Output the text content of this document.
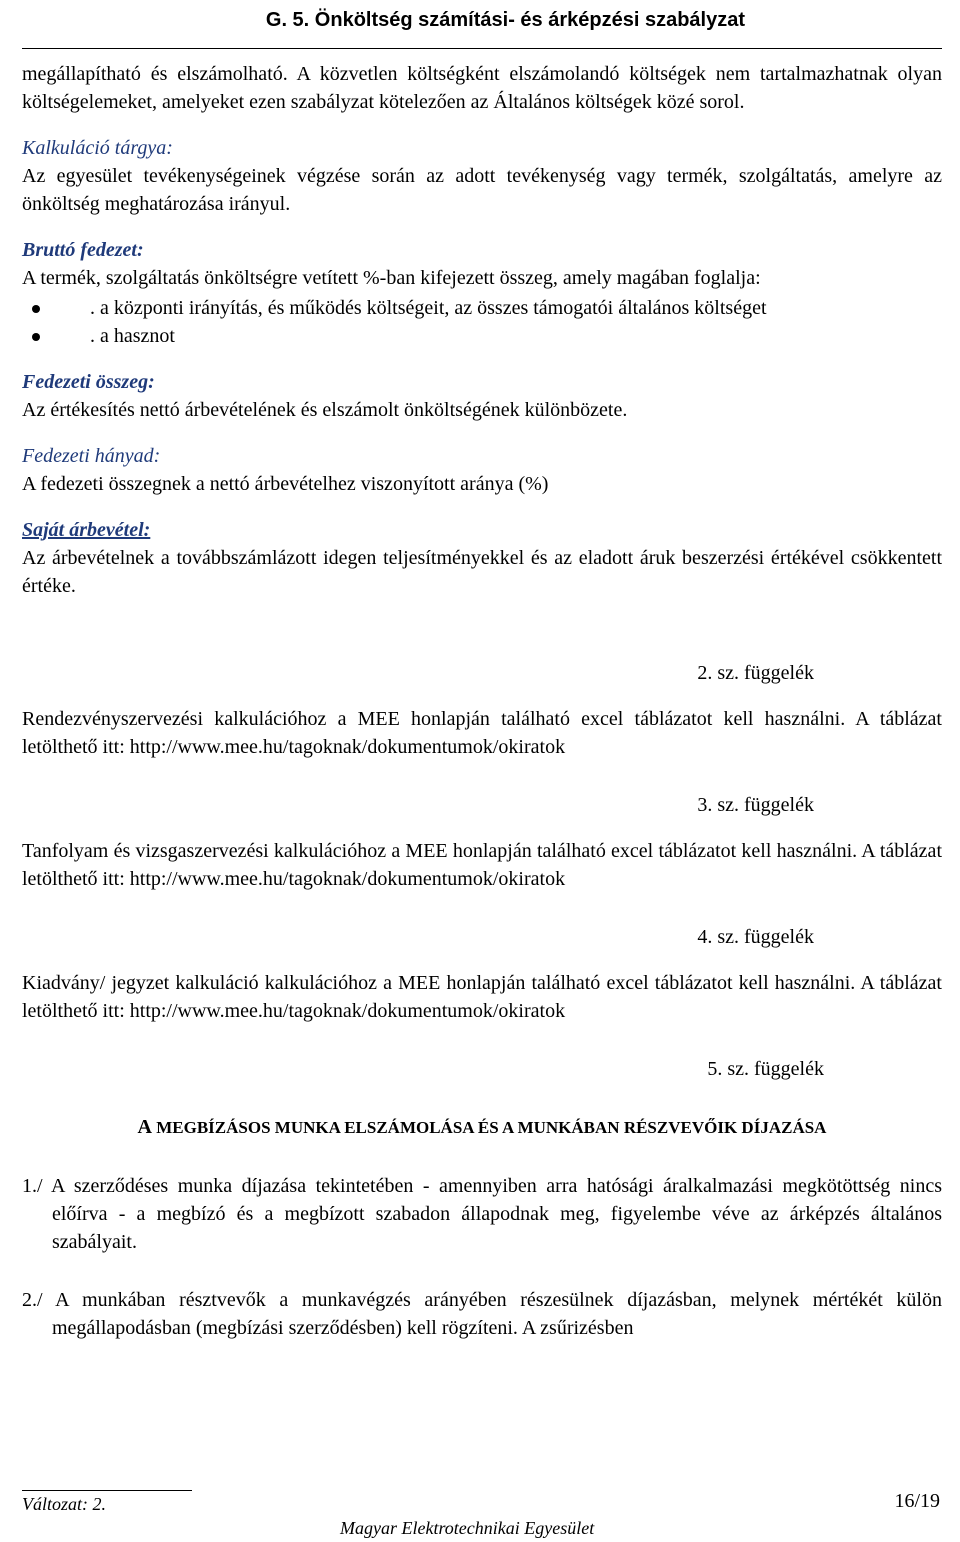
G. 5. Önköltség számítási- és árképzési szabályzat

megállapítható és elszámolható. A közvetlen költségként elszámolandó költségek nem tartalmazhatnak olyan költségelemeket, amelyeket ezen szabályzat kötelezően az Általános költségek közé sorol.

Kalkuláció tárgya:

Az egyesület tevékenységeinek végzése során az adott tevékenység vagy termék, szolgáltatás, amelyre az önköltség meghatározása irányul.

Bruttó fedezet:

A termék, szolgáltatás önköltségre vetített %-ban kifejezett összeg, amely magában foglalja:

. a központi irányítás, és működés költségeit, az összes támogatói általános költséget
. a hasznot
Fedezeti összeg:

Az értékesítés nettó árbevételének és elszámolt önköltségének különbözete.

Fedezeti hányad:

A fedezeti összegnek a nettó árbevételhez viszonyított aránya (%)

Saját árbevétel:

Az árbevételnek a továbbszámlázott idegen teljesítményekkel és az eladott áruk beszerzési értékével csökkentett értéke.

2. sz. függelék

Rendezvényszervezési kalkulációhoz a MEE honlapján található excel táblázatot kell használni. A táblázat letölthető itt: http://www.mee.hu/tagoknak/dokumentumok/okiratok

3. sz. függelék

Tanfolyam és vizsgaszervezési kalkulációhoz a MEE honlapján található excel táblázatot kell használni. A táblázat letölthető itt: http://www.mee.hu/tagoknak/dokumentumok/okiratok

4. sz. függelék

Kiadvány/ jegyzet kalkuláció kalkulációhoz a MEE honlapján található excel táblázatot kell használni. A táblázat letölthető itt: http://www.mee.hu/tagoknak/dokumentumok/okiratok

5. sz. függelék
A MEGBÍZÁSOS MUNKA ELSZÁMOLÁSA ÉS A MUNKÁBAN RÉSZVEVŐIK DÍJAZÁSA

1./ A szerződéses munka díjazása tekintetében - amennyiben arra hatósági áralkalmazási megkötöttség nincs előírva - a megbízó és a megbízott szabadon állapodnak meg, figyelembe véve az árképzés általános szabályait.

2./ A munkában résztvevők a munkavégzés arányében részesülnek díjazásban, melynek mértékét külön megállapodásban (megbízási szerződésben) kell rögzíteni. A zsűrizésben

Változat: 2.	16/19
Magyar Elektrotechnikai Egyesület
